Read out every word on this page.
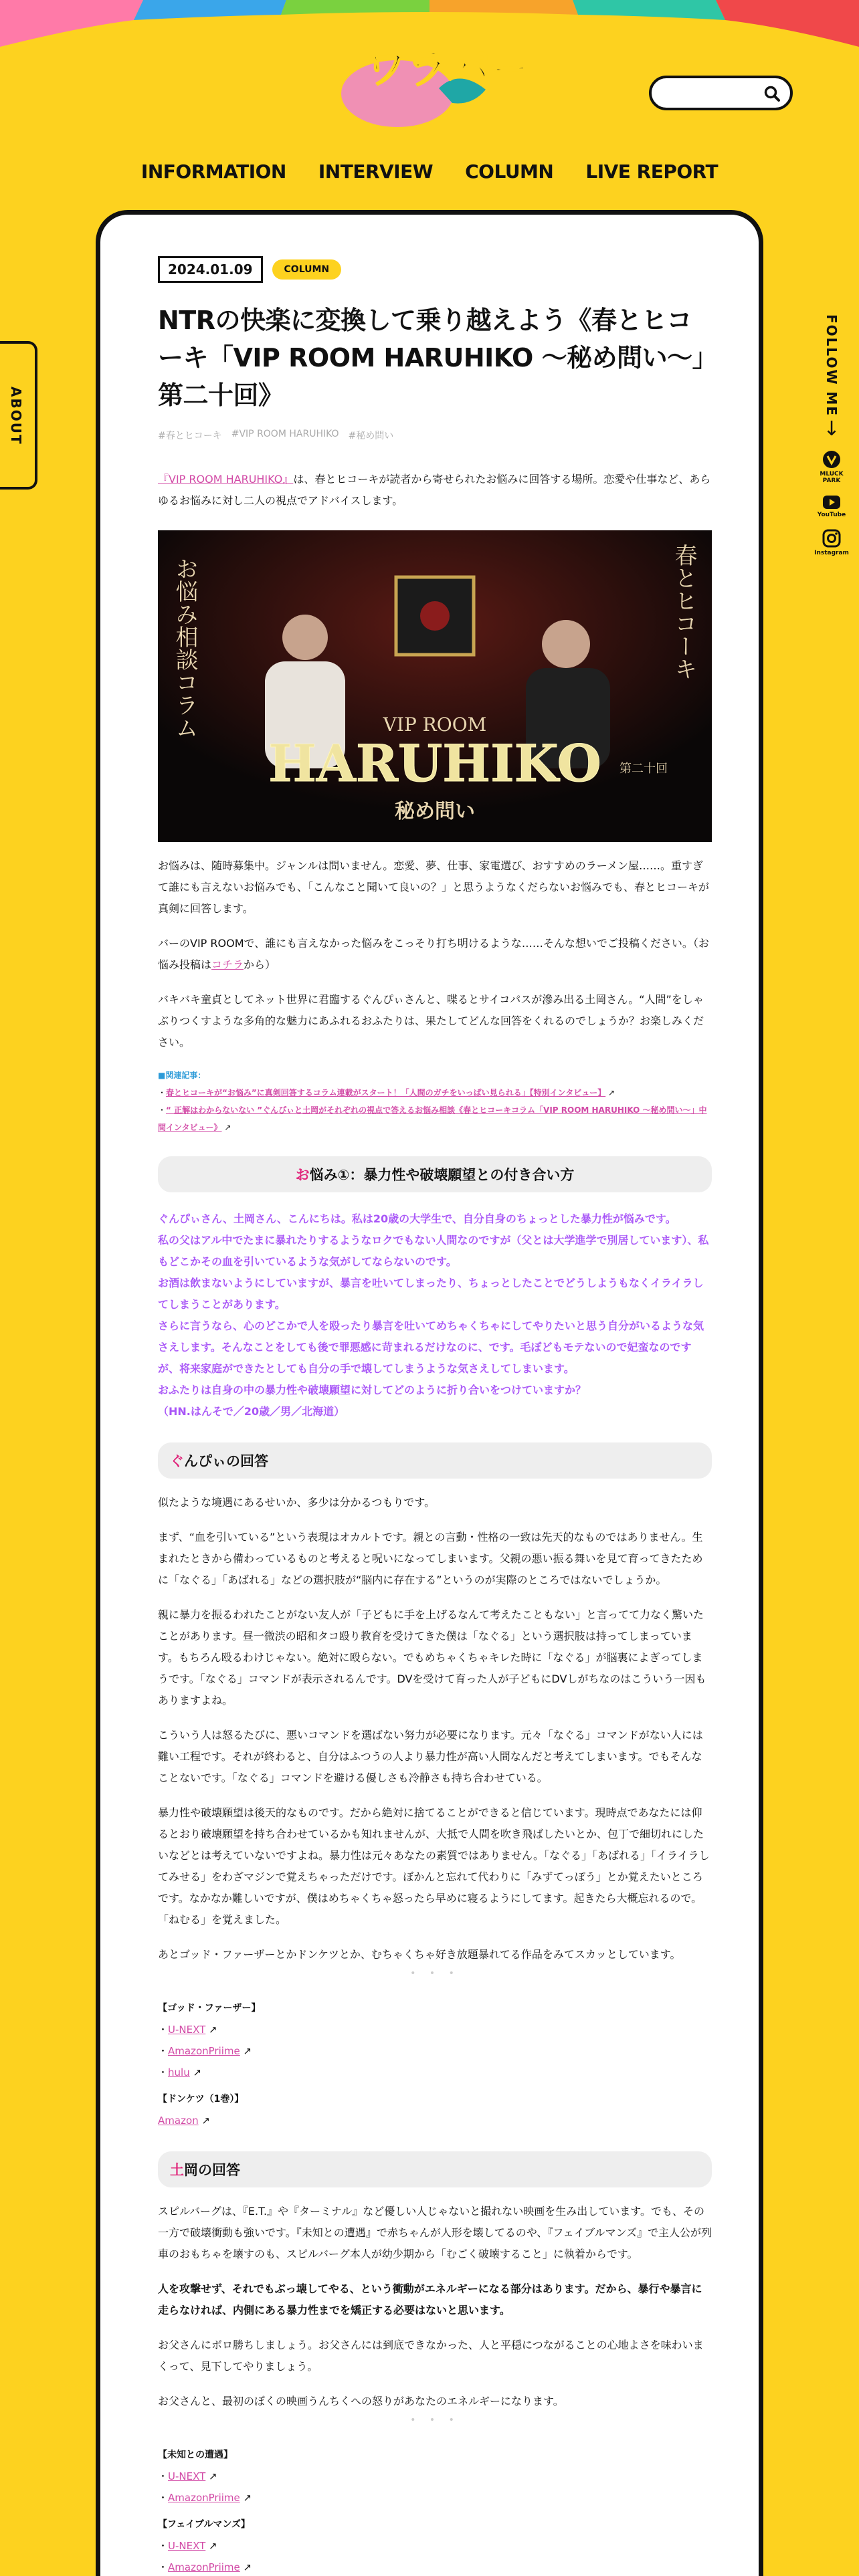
ワラパー
INFORMATION INTERVIEW COLUMN LIVE REPORT
ABOUT	FOLLOW ME
↓
MLUCK PARK
YouTube
Instagram
2024.01.09	COLUMN
NTRの快楽に変換して乗り越えよう《春とヒコーキ「VIP ROOM HARUHIKO 〜秘め問い〜」第二十回》
#春とヒコーキ #VIP ROOM HARUHIKO #秘め問い

『VIP ROOM HARUHIKO』は、春とヒコーキが読者から寄せられたお悩みに回答する場所。恋愛や仕事など、あらゆるお悩みに対し二人の視点でアドバイスします。

お悩み相談コラム	春とヒコーキ
VIP ROOM
HARUHIKO 第二十回
秘め問い

お悩みは、随時募集中。ジャンルは問いません。恋愛、夢、仕事、家電選び、おすすめのラーメン屋……。重すぎて誰にも言えないお悩みでも、「こんなこと聞いて良いの？」と思うようなくだらないお悩みでも、春とヒコーキが真剣に回答します。

バーのVIP ROOMで、誰にも言えなかった悩みをこっそり打ち明けるような……そんな想いでご投稿ください。（お悩み投稿はコチラから）

バキバキ童貞としてネット世界に君臨するぐんぴぃさんと、喋るとサイコパスが滲み出る土岡さん。“人間”をしゃぶりつくすような多角的な魅力にあふれるおふたりは、果たしてどんな回答をくれるのでしょうか？お楽しみください。

■関連記事：
・春とヒコーキが“お悩み”に真剣回答するコラム連載がスタート！「人間のガチをいっぱい見られる」【特別インタビュー】 ↗
・“ 正解はわからないない ”ぐんぴぃと土岡がそれぞれの視点で答えるお悩み相談《春とヒコーキコラム「VIP ROOM HARUHIKO 〜秘め問い〜」中間インタビュー》 ↗
お悩み①：暴力性や破壊願望との付き合い方
ぐんぴぃさん、土岡さん、こんにちは。私は20歳の大学生で、自分自身のちょっとした暴力性が悩みです。
私の父はアル中でたまに暴れたりするようなロクでもない人間なのですが（父とは大学進学で別居しています）、私もどこかその血を引いているような気がしてならないのです。
お酒は飲まないようにしていますが、暴言を吐いてしまったり、ちょっとしたことでどうしようもなくイライラしてしまうことがあります。
さらに言うなら、心のどこかで人を殴ったり暴言を吐いてめちゃくちゃにしてやりたいと思う自分がいるような気さえします。そんなことをしても後で罪悪感に苛まれるだけなのに、です。毛ぼどもモテないので妃蛮なのですが、将来家庭ができたとしても自分の手で壊してしまうような気さえしてしまいます。
おふたりは自身の中の暴力性や破壊願望に対してどのように折り合いをつけていますか？
（HN.はんそで／20歳／男／北海道）
ぐんぴぃの回答

似たような境遇にあるせいか、多少は分かるつもりです。

まず、“血を引いている”という表現はオカルトです。親との言動・性格の一致は先天的なものではありません。生まれたときから備わっているものと考えると呪いになってしまいます。父親の悪い振る舞いを見て育ってきたために「なぐる」「あばれる」などの選択肢が“脳内に存在する”というのが実際のところではないでしょうか。

親に暴力を振るわれたことがない友人が「子どもに手を上げるなんて考えたこともない」と言ってて力なく驚いたことがあります。昼一微渋の昭和タコ殴り教育を受けてきた僕は「なぐる」という選択肢は持ってしまっています。もちろん殴るわけじゃない。絶対に殴らない。でもめちゃくちゃキレた時に「なぐる」が脳裏によぎってしまうです。「なぐる」コマンドが表示されるんです。DVを受けて育った人が子どもにDVしがちなのはこういう一因もありますよね。

こういう人は怒るたびに、悪いコマンドを選ばない努力が必要になります。元々「なぐる」コマンドがない人には難い工程です。それが終わると、自分はふつうの人より暴力性が高い人間なんだと考えてしまいます。でもそんなことないです。「なぐる」コマンドを避ける優しさも冷静さも持ち合わせている。

暴力性や破壊願望は後天的なものです。だから絶対に捨てることができると信じています。現時点であなたには仰るとおり破壊願望を持ち合わせているかも知れませんが、大抵で人間を吹き飛ばしたいとか、包丁で細切れにしたいなどとは考えていないですよね。暴力性は元々あなたの素質ではありません。「なぐる」「あばれる」「イライラしてみせる」をわざマジンで覚えちゃっただけです。ぼかんと忘れて代わりに「みずてっぽう」とか覚えたいところです。なかなか難しいですが、僕はめちゃくちゃ怒ったら早めに寝るようにしてます。起きたら大概忘れるので。「ねむる」を覚えました。

あとゴッド・ファーザーとかドンケツとか、むちゃくちゃ好き放題暴れてる作品をみてスカッとしています。

• • •
【ゴッド・ファーザー】
・U-NEXT ↗
・AmazonPriime ↗
・hulu ↗
【ドンケツ（1巻）】
Amazon ↗
土岡の回答

スピルバーグは、『E.T.』や『ターミナル』など優しい人じゃないと撮れない映画を生み出しています。でも、その一方で破壊衝動も強いです。『未知との遭遇』で赤ちゃんが人形を壊してるのや、『フェイブルマンズ』で主人公が列車のおもちゃを壊すのも、スピルバーグ本人が幼少期から「むごく破壊すること」に執着からです。

人を攻撃せず、それでもぶっ壊してやる、という衝動がエネルギーになる部分はあります。だから、暴行や暴言に走らなければ、内側にある暴力性までを矯正する必要はないと思います。

お父さんにボロ勝ちしましょう。お父さんには到底できなかった、人と平穏につながることの心地よさを味わいまくって、見下してやりましょう。

お父さんと、最初のぼくの映画うんちくへの怒りがあなたのエネルギーになります。

• • •
【未知との遭遇】
・U-NEXT ↗
・AmazonPriime ↗
【フェイブルマンズ】
・U-NEXT ↗
・AmazonPriime ↗
